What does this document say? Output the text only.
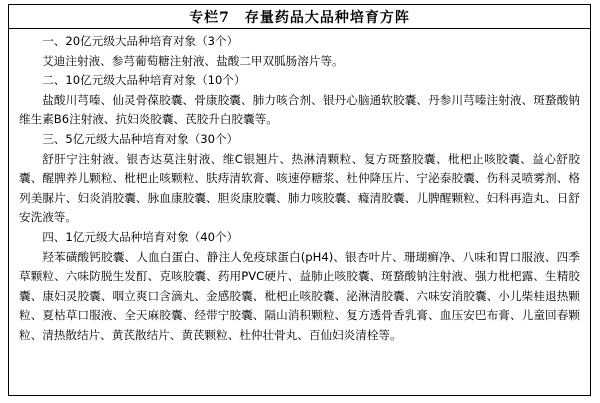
专栏7　存量药品大品种培育方阵

一、20亿元级大品种培育对象（3个）

艾迪注射液、参芎葡萄糖注射液、盐酸二甲双胍肠溶片等。

二、10亿元级大品种培育对象（10个）

盐酸川芎嗪、仙灵骨葆胶囊、骨康胶囊、肺力咳合剂、银丹心脑通软胶囊、丹参川芎嗪注射液、斑蝥酸钠维生素B6注射液、抗妇炎胶囊、芪胶升白胶囊等。

三、5亿元级大品种培育对象（30个）

舒肝宁注射液、银杏达莫注射液、维C银翘片、热淋清颗粒、复方斑蝥胶囊、枇杷止咳胶囊、益心舒胶囊、醒脾养儿颗粒、枇杷止咳颗粒、肤痔清软膏、咳速停糖浆、杜仲降压片、宁泌泰胶囊、伤科灵喷雾剂、格列美脲片、妇炎消胶囊、脉血康胶囊、胆炎康胶囊、肺力咳胶囊、癃清胶囊、儿脾醒颗粒、妇科再造丸、日舒安洗液等。

四、1亿元级大品种培育对象（40个）

羟苯磺酸钙胶囊、人血白蛋白、静注人免疫球蛋白(pH4)、银杏叶片、珊瑚癣净、八味和胃口服液、四季草颗粒、六味防脱生发酊、克咳胶囊、药用PVC硬片、益肺止咳胶囊、斑蝥酸钠注射液、强力枇杷露、生精胶囊、康妇灵胶囊、咽立爽口含滴丸、金感胶囊、枇杷止咳胶囊、泌淋清胶囊、六味安消胶囊、小儿柴桂退热颗粒、夏枯草口服液、全天麻胶囊、经带宁胶囊、隔山消积颗粒、复方透骨香乳膏、血压安巴布膏、儿童回春颗粒、清热散结片、黄芪散结片、黄芪颗粒、杜仲壮骨丸、百仙妇炎清栓等。
